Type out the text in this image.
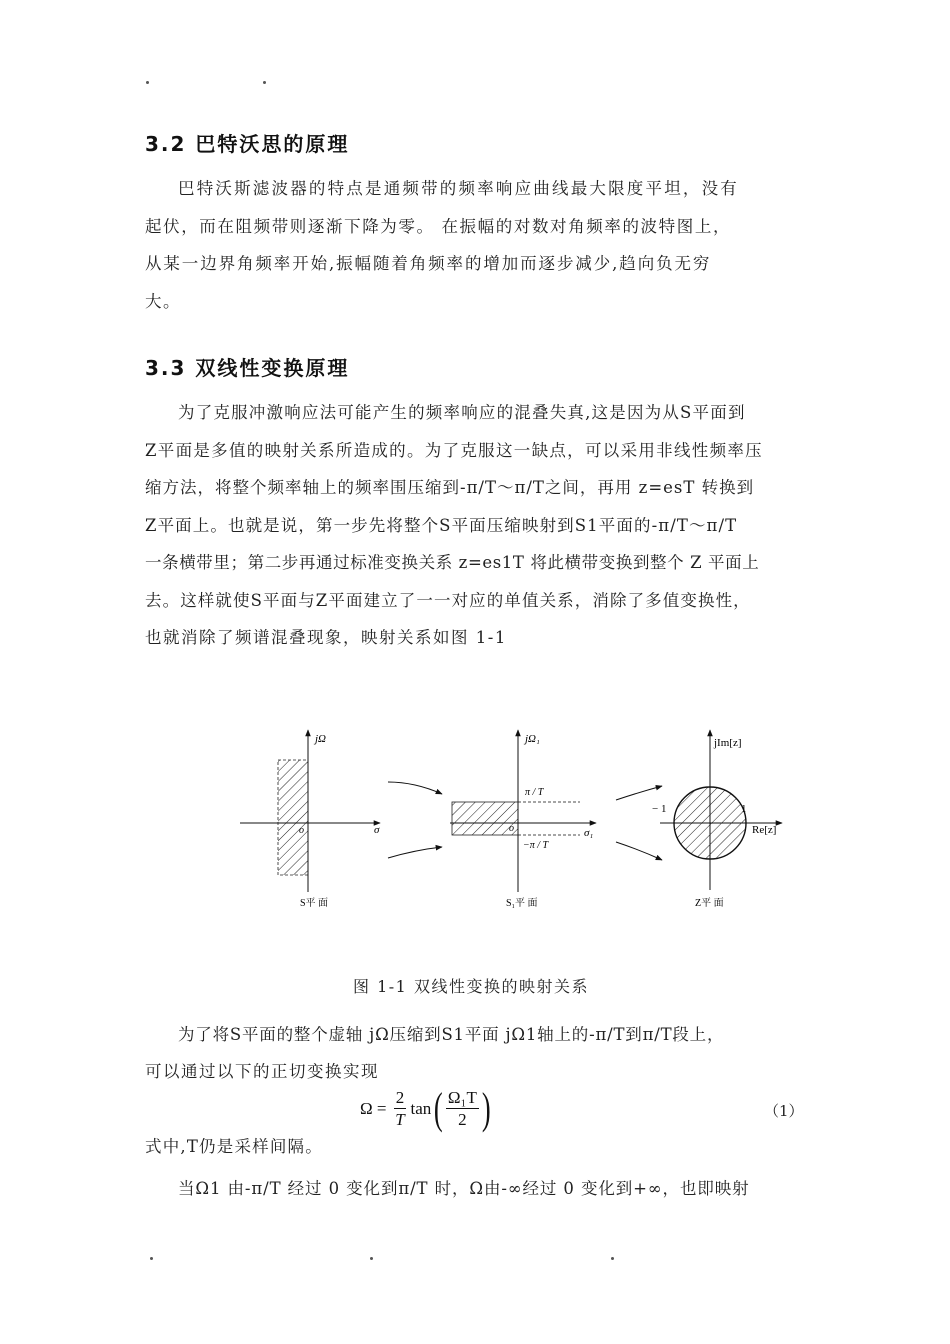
3.2 巴特沃思的原理
巴特沃斯滤波器的特点是通频带的频率响应曲线最大限度平坦，没有
起伏，而在阻频带则逐渐下降为零。 在振幅的对数对角频率的波特图上，
从某一边界角频率开始,振幅随着角频率的增加而逐步减少,趋向负无穷
大。
3.3 双线性变换原理
为了克服冲激响应法可能产生的频率响应的混叠失真,这是因为从S平面到
Z平面是多值的映射关系所造成的。为了克服这一缺点，可以采用非线性频率压
缩方法，将整个频率轴上的频率围压缩到-π/T～π/T之间，再用 z=esT 转换到
Z平面上。也就是说，第一步先将整个S平面压缩映射到S1平面的-π/T～π/T
一条横带里；第二步再通过标准变换关系 z=es1T 将此横带变换到整个 Z 平面上
去。这样就使S平面与Z平面建立了一一对应的单值关系，消除了多值变换性，
也就消除了频谱混叠现象，映射关系如图 1-1
jΩ
σ
o
S平 面
jΩ₁
σ₁
o
π / T
−π / T
S₁平 面
jIm[z]
Re[z]
− 1	1
Z平 面
图 1-1 双线性变换的映射关系
为了将S平面的整个虚轴 jΩ压缩到S1平面 jΩ1轴上的-π/T到π/T段上，
可以通过以下的正切变换实现
$\Omega = \frac{2}{T} \tan( \frac{\text{Ω₁T}}{2}$ )	（1）
式中,T仍是采样间隔。
当Ω1 由-π/T 经过 0 变化到π/T 时，Ω由-∞经过 0 变化到+∞，也即映射
